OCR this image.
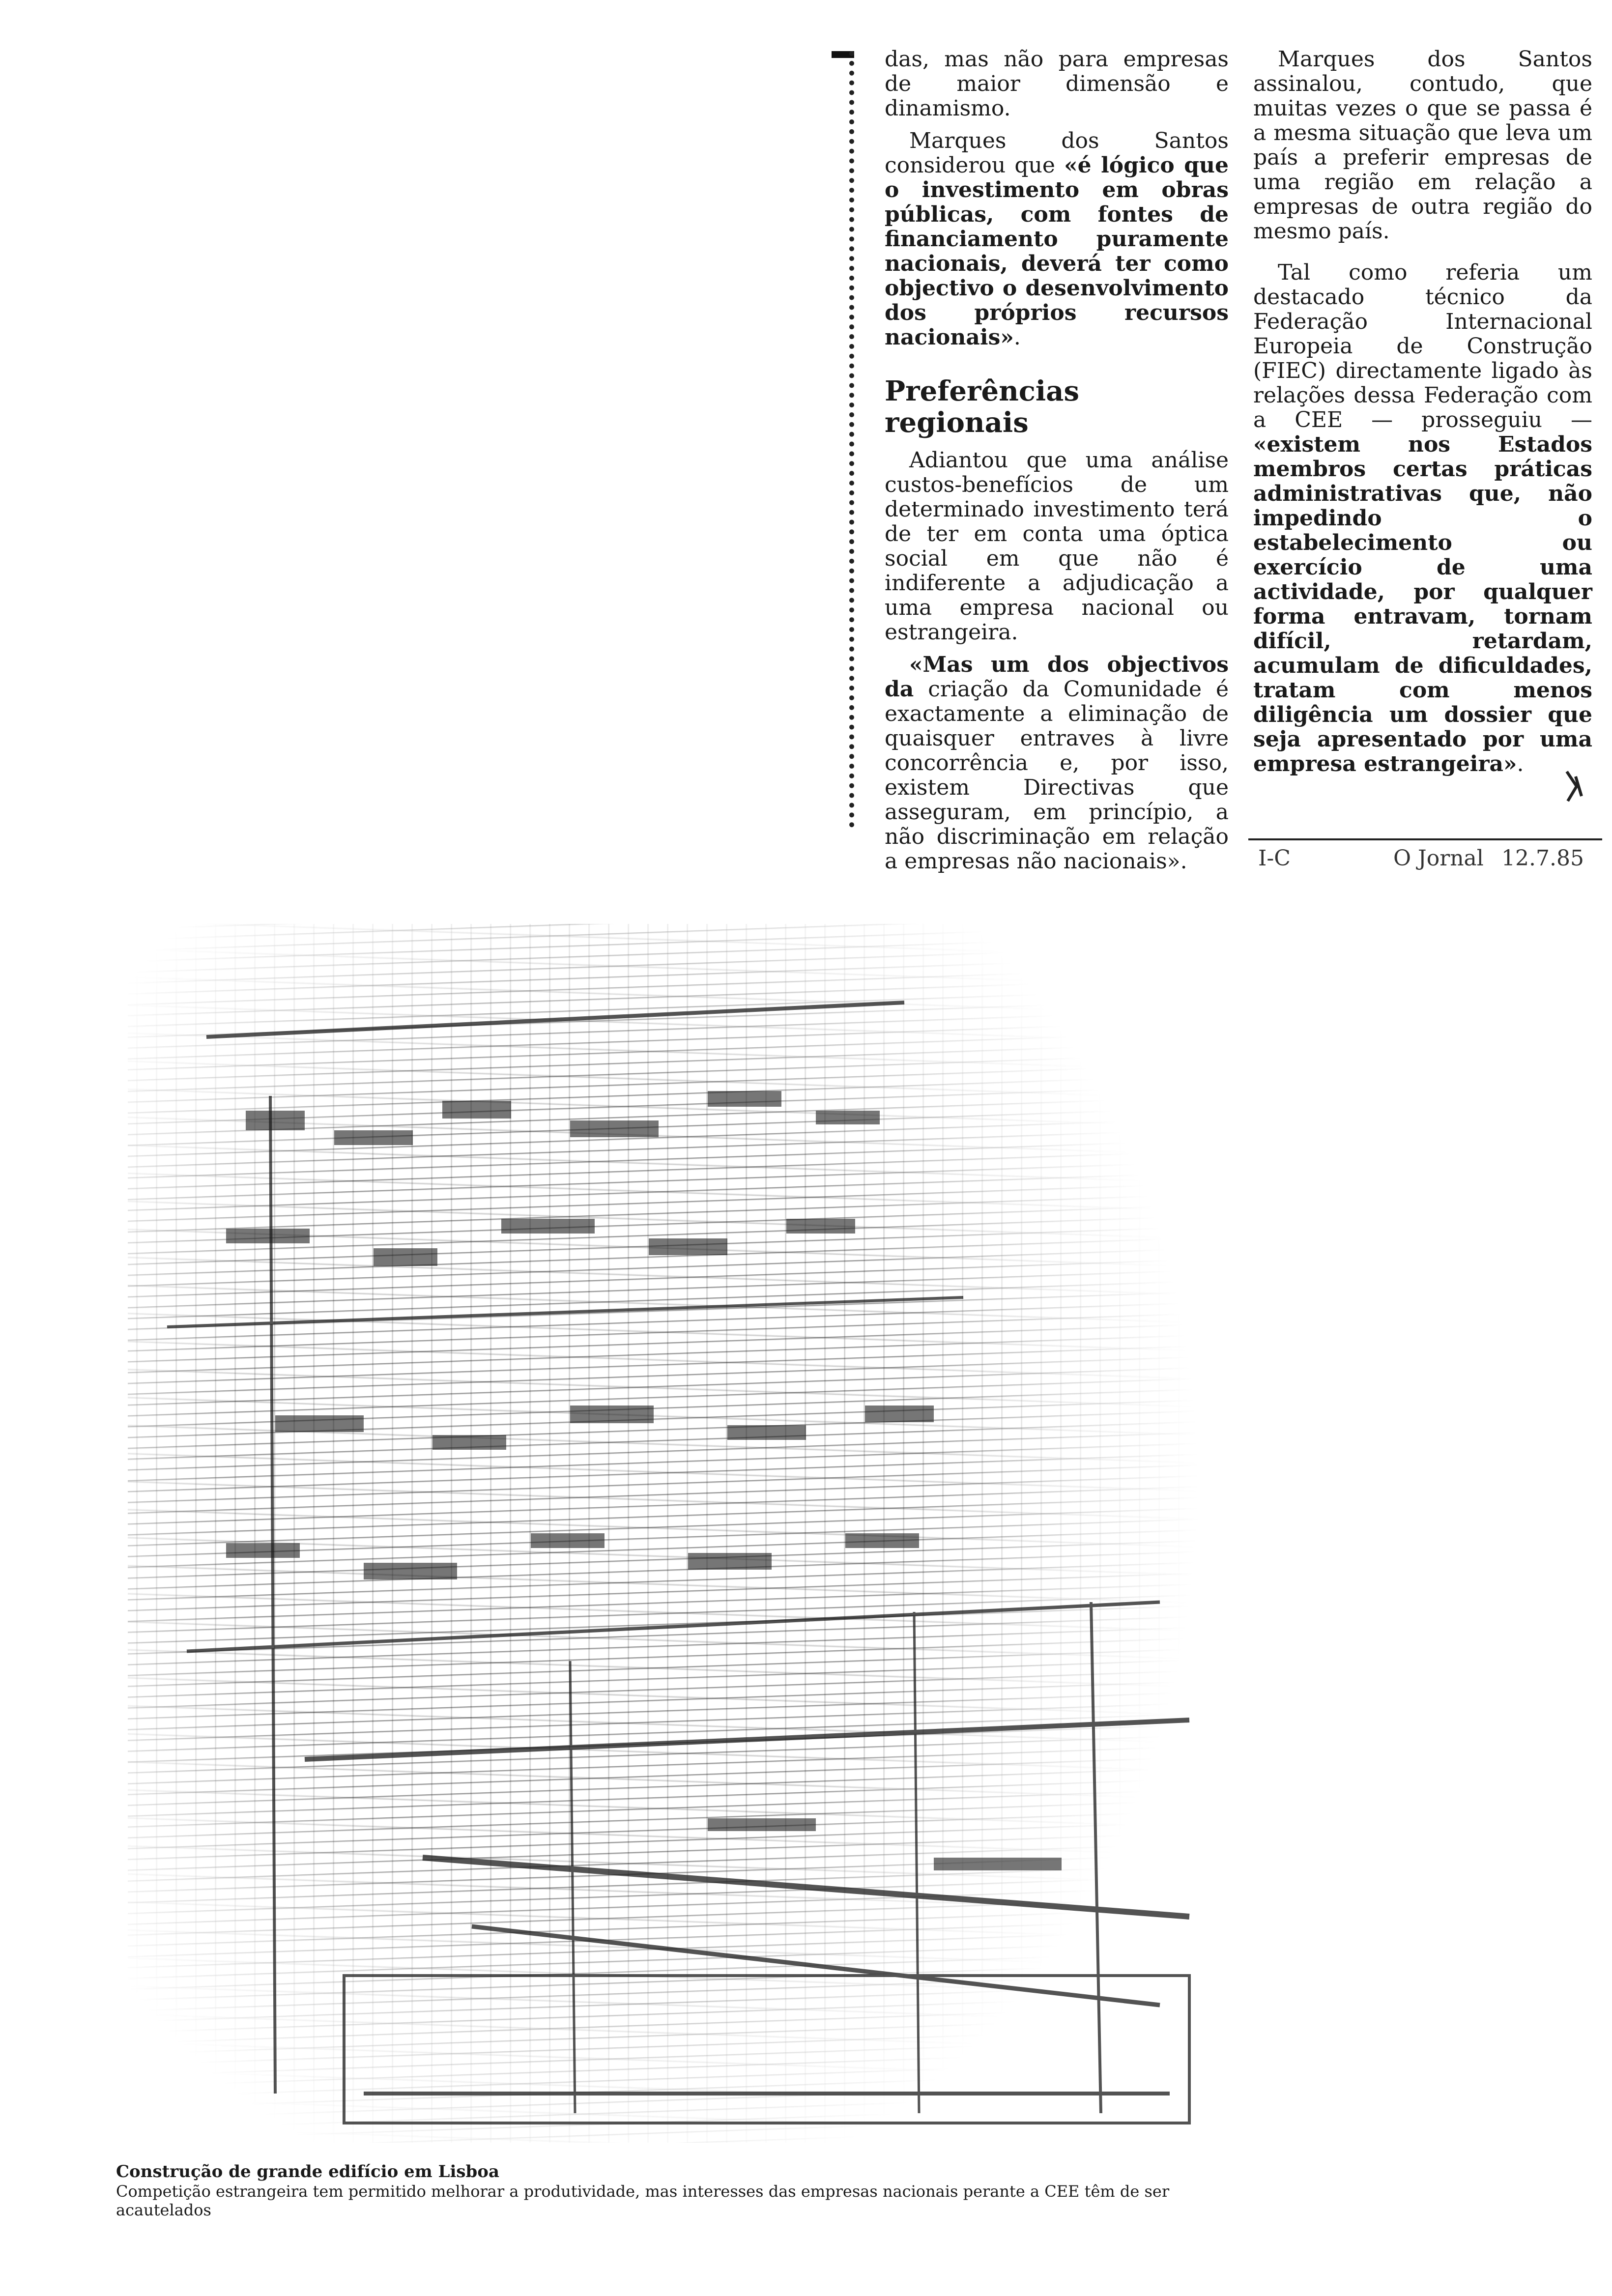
das, mas não para empresas de maior dimensão e dinamismo.

Marques dos Santos considerou que «é lógico que o investimento em obras públicas, com fontes de financiamento puramente nacionais, deverá ter como objectivo o desenvolvimento dos próprios recursos nacionais».

Preferências regionais

Adiantou que uma análise custos-benefícios de um determinado investimento terá de ter em conta uma óptica social em que não é indiferente a adjudicação a uma empresa nacional ou estrangeira.

«Mas um dos objectivos da criação da Comunidade é exactamente a eliminação de quaisquer entraves à livre concorrência e, por isso, existem Directivas que asseguram, em princípio, a não discriminação em relação a empresas não nacionais».

Marques dos Santos assinalou, contudo, que muitas vezes o que se passa é a mesma situação que leva um país a preferir empresas de uma região em relação a empresas de outra região do mesmo país.

Tal como referia um destacado técnico da Federação Internacional Europeia de Construção (FIEC) directamente ligado às relações dessa Federação com a CEE — prosseguiu — «existem nos Estados membros certas práticas administrativas que, não impedindo o estabelecimento ou exercício de uma actividade, por qualquer forma entravam, tornam difícil, retardam, acumulam de dificuldades, tratam com menos diligência um dossier que seja apresentado por uma empresa estrangeira».

I-C	O Jornal 12.7.85
Construção de grande edifício em Lisboa
Competição estrangeira tem permitido melhorar a produtividade, mas interesses das empresas nacionais perante a CEE têm de ser acautelados
